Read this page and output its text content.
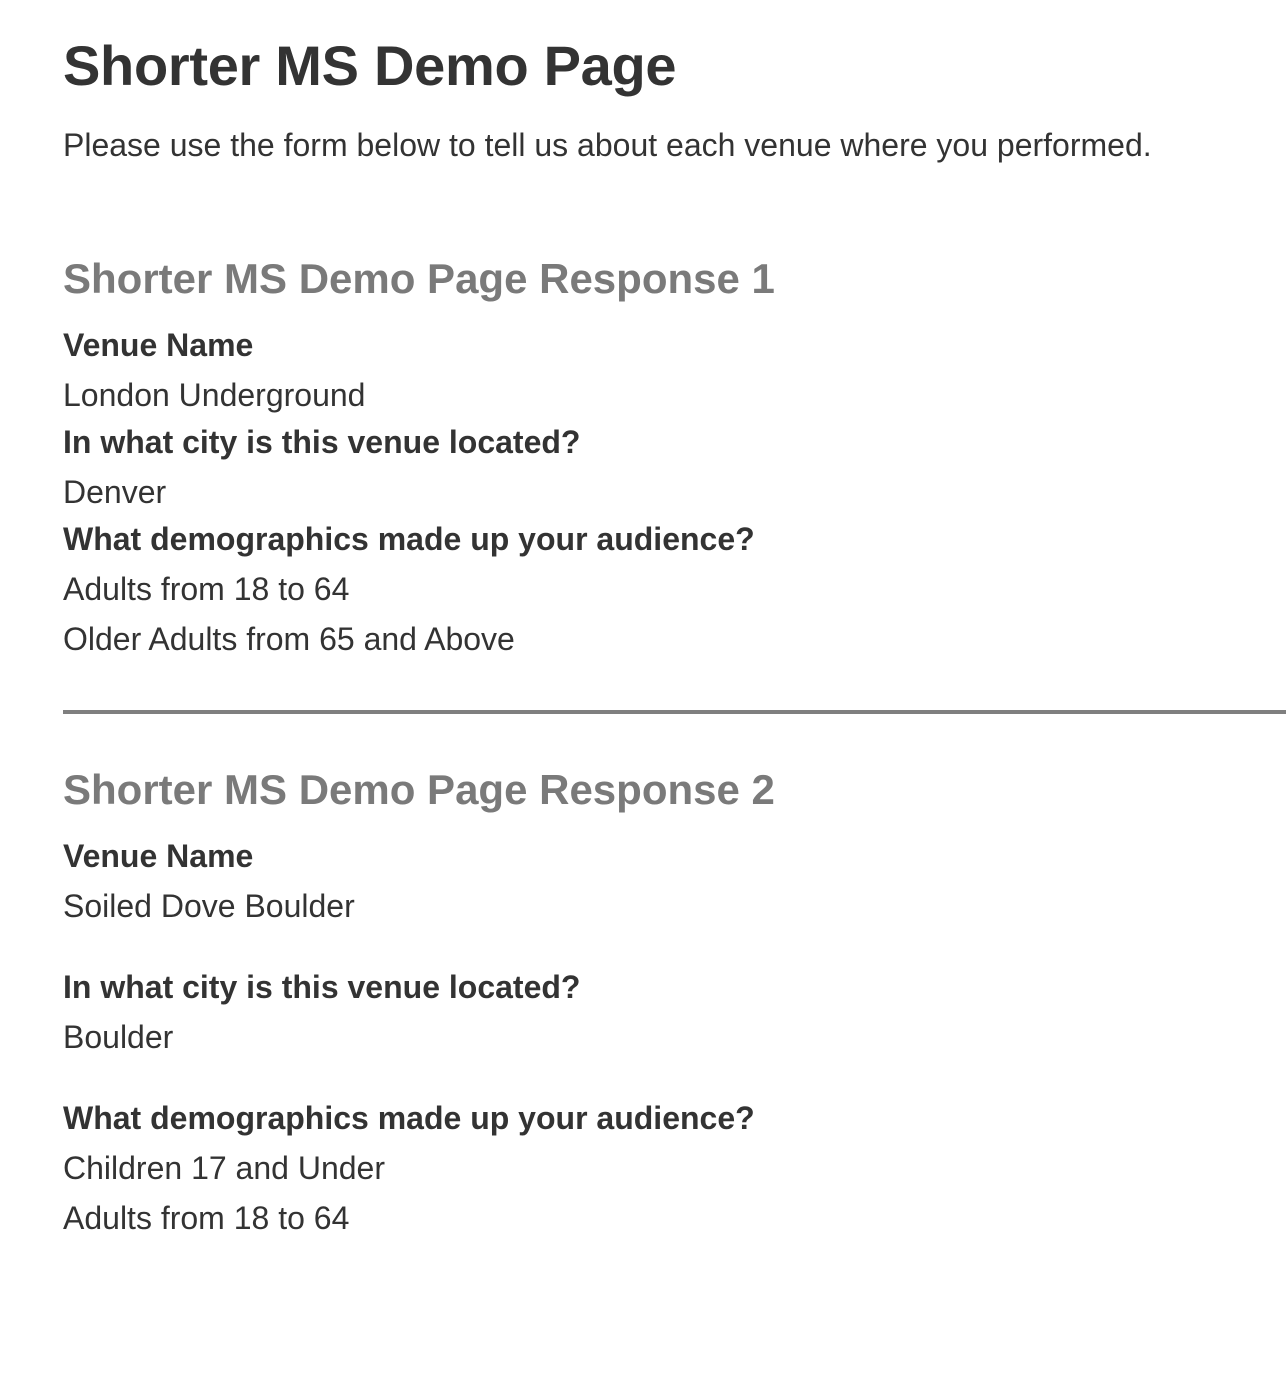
Shorter MS Demo Page

Please use the form below to tell us about each venue where you performed.

Shorter MS Demo Page Response 1
Venue Name
London Underground
In what city is this venue located?
Denver
What demographics made up your audience?
Adults from 18 to 64
Older Adults from 65 and Above
Shorter MS Demo Page Response 2
Venue Name
Soiled Dove Boulder
In what city is this venue located?
Boulder
What demographics made up your audience?
Children 17 and Under
Adults from 18 to 64
